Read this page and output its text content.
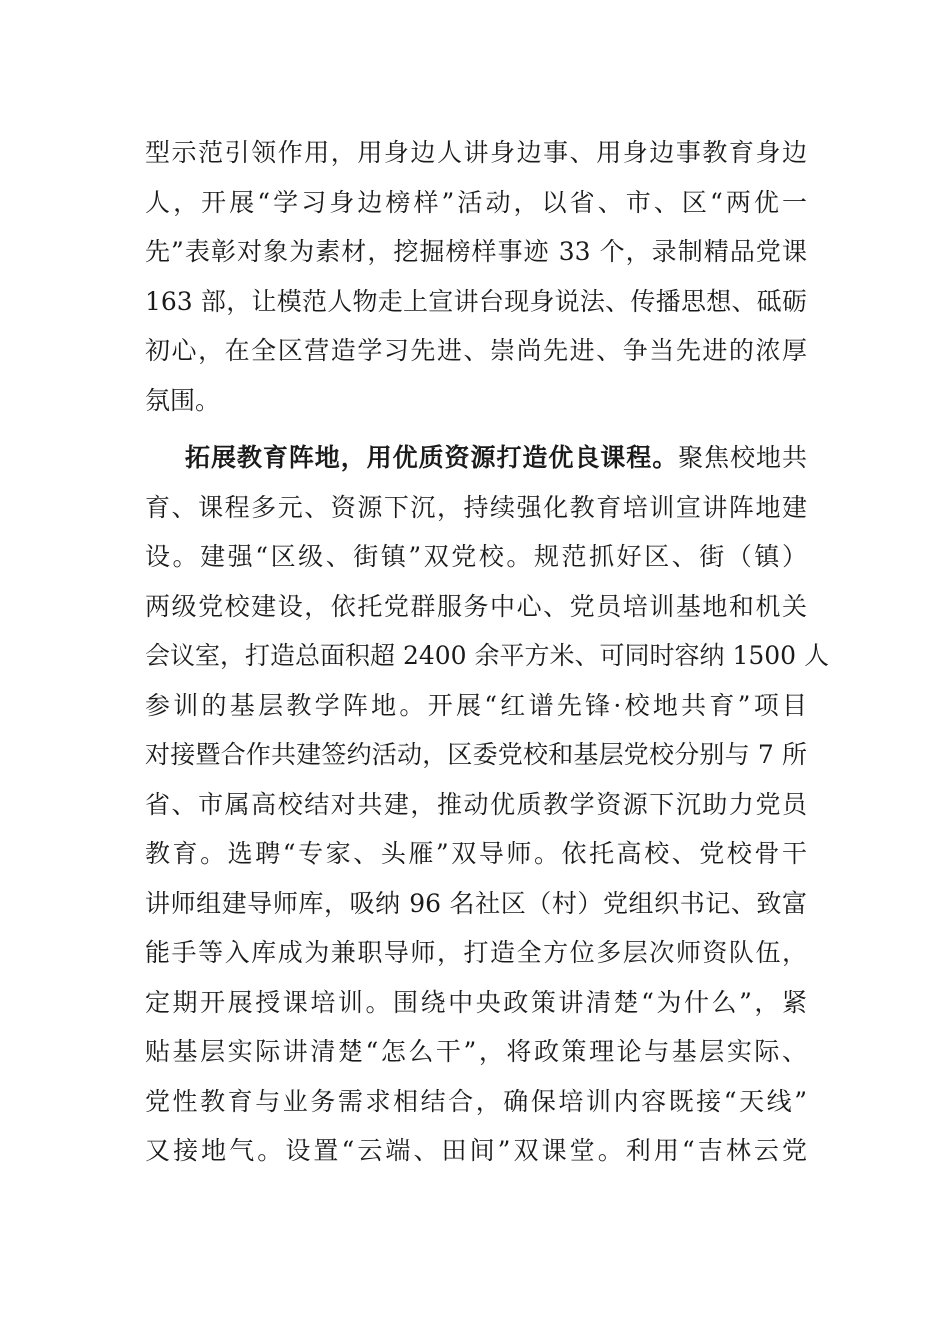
型示范引领作用，用身边人讲身边事、用身边事教育身边
人，开展“学习身边榜样”活动，以省、市、区“两优一
先”表彰对象为素材，挖掘榜样事迹 33 个，录制精品党课
163 部，让模范人物走上宣讲台现身说法、传播思想、砥砺
初心，在全区营造学习先进、崇尚先进、争当先进的浓厚
氛围。
拓展教育阵地，用优质资源打造优良课程。聚焦校地共
育、课程多元、资源下沉，持续强化教育培训宣讲阵地建
设。建强“区级、街镇”双党校。规范抓好区、街（镇）
两级党校建设，依托党群服务中心、党员培训基地和机关
会议室，打造总面积超 2400 余平方米、可同时容纳 1500 人
参训的基层教学阵地。开展“红谱先锋·校地共育”项目
对接暨合作共建签约活动，区委党校和基层党校分别与 7 所
省、市属高校结对共建，推动优质教学资源下沉助力党员
教育。选聘“专家、头雁”双导师。依托高校、党校骨干
讲师组建导师库，吸纳 96 名社区（村）党组织书记、致富
能手等入库成为兼职导师，打造全方位多层次师资队伍，
定期开展授课培训。围绕中央政策讲清楚“为什么”，紧
贴基层实际讲清楚“怎么干”，将政策理论与基层实际、
党性教育与业务需求相结合，确保培训内容既接“天线”
又接地气。设置“云端、田间”双课堂。利用“吉林云党
